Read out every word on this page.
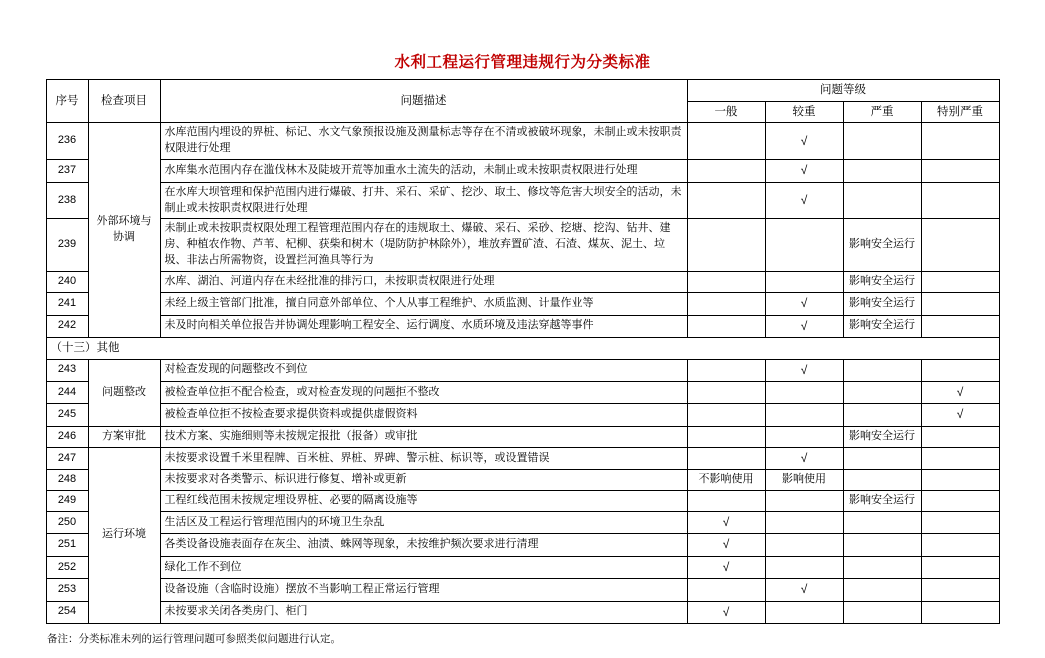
水利工程运行管理违规行为分类标准
序号	检查项目	问题描述	问题等级			
			一般	较重	严重	特别严重
236	外部环境与协调	水库范围内埋设的界桩、标记、水文气象预报设施及测量标志等存在不清或被破坏现象，未制止或未按职责权限进行处理		√		
237		水库集水范围内存在滥伐林木及陡坡开荒等加重水土流失的活动，未制止或未按职责权限进行处理		√		
238		在水库大坝管理和保护范围内进行爆破、打井、采石、采矿、挖沙、取土、修坟等危害大坝安全的活动，未制止或未按职责权限进行处理		√		
239		未制止或未按职责权限处理工程管理范围内存在的违规取土、爆破、采石、采砂、挖塘、挖沟、钻井、建房、种植农作物、芦苇、杞柳、获柴和树木（堤防防护林除外），堆放弃置矿渣、石渣、煤灰、泥土、垃圾、非法占所需物资，设置拦河渔具等行为			影响安全运行	
240		水库、湖泊、河道内存在未经批准的排污口，未按职责权限进行处理			影响安全运行	
241		未经上级主管部门批准，擅自同意外部单位、个人从事工程维护、水质监测、计量作业等		√	影响安全运行	
242		未及时向相关单位报告并协调处理影响工程安全、运行调度、水质环境及违法穿越等事件		√	影响安全运行	
（十三）其他						
243	问题整改	对检查发现的问题整改不到位		√		
244		被检查单位拒不配合检查，或对检查发现的问题拒不整改				√
245		被检查单位拒不按检查要求提供资料或提供虚假资料				√
246	方案审批	技术方案、实施细则等未按规定报批（报备）或审批			影响安全运行	
247	运行环境	未按要求设置千米里程牌、百米桩、界桩、界碑、警示桩、标识等，或设置错误		√		
248		未按要求对各类警示、标识进行修复、增补或更新	不影响使用	影响使用		
249		工程红线范围未按规定埋设界桩、必要的隔离设施等			影响安全运行	
250		生活区及工程运行管理范围内的环境卫生杂乱	√			
251		各类设备设施表面存在灰尘、油渍、蛛网等现象，未按维护频次要求进行清理	√			
252		绿化工作不到位	√			
253		设备设施（含临时设施）摆放不当影响工程正常运行管理		√		
254		未按要求关闭各类房门、柜门	√			
备注：分类标准未列的运行管理问题可参照类似问题进行认定。
